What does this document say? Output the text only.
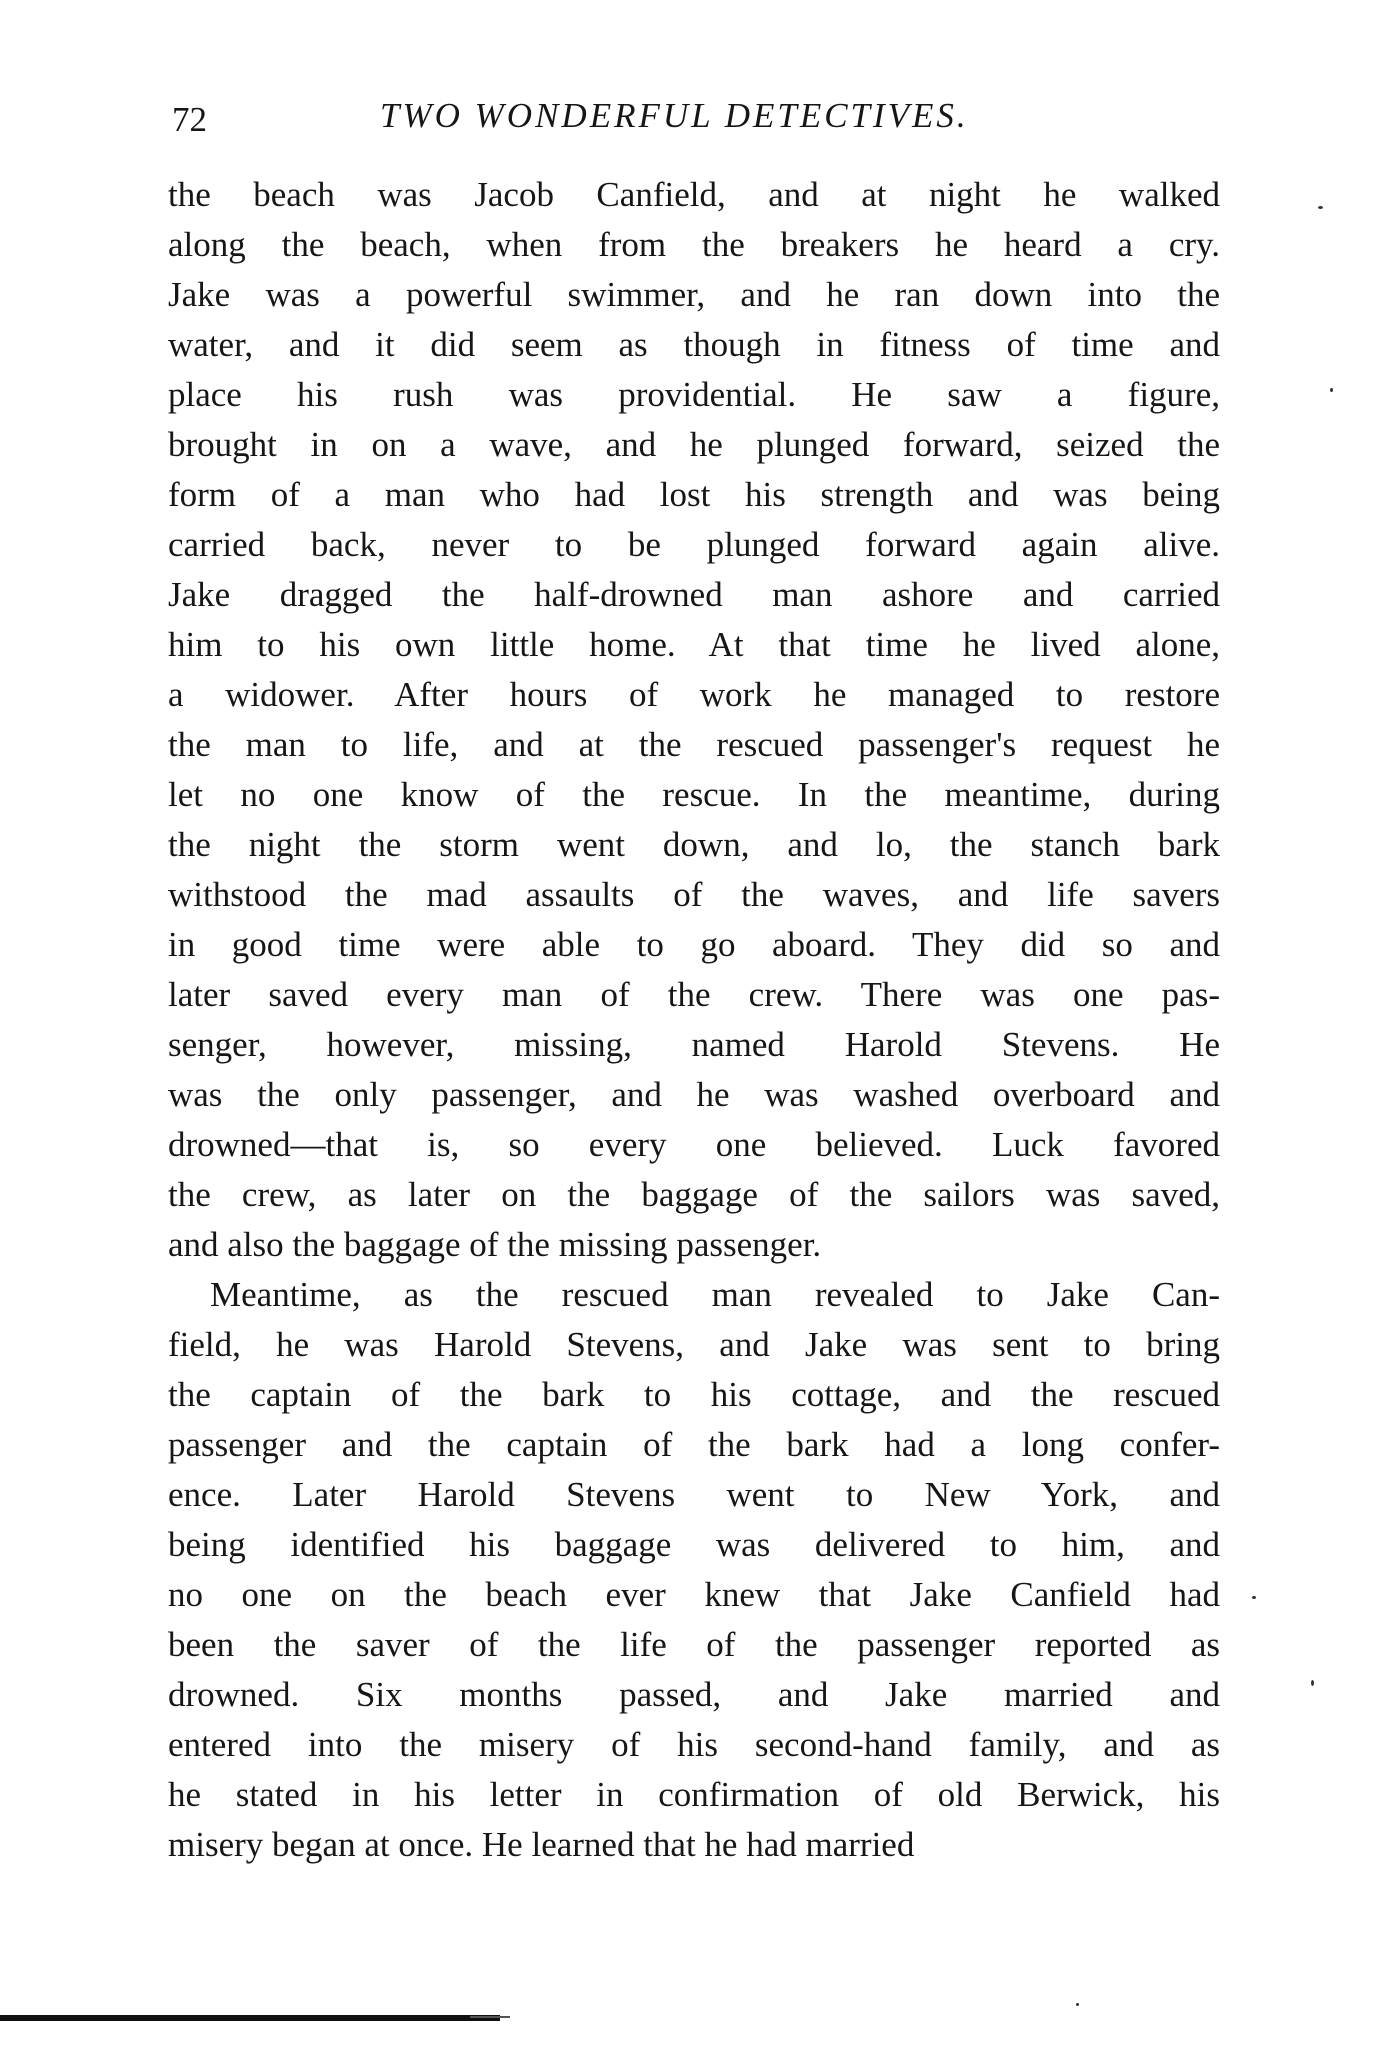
72	TWO WONDERFUL DETECTIVES.
the beach was Jacob Canfield, and at night he walked
along the beach, when from the breakers he heard a cry.
Jake was a powerful swimmer, and he ran down into the
water, and it did seem as though in fitness of time and
place his rush was providential. He saw a figure,
brought in on a wave, and he plunged forward, seized the
form of a man who had lost his strength and was being
carried back, never to be plunged forward again alive.
Jake dragged the half-drowned man ashore and carried
him to his own little home. At that time he lived alone,
a widower. After hours of work he managed to restore
the man to life, and at the rescued passenger's request he
let no one know of the rescue. In the meantime, during
the night the storm went down, and lo, the stanch bark
withstood the mad assaults of the waves, and life savers
in good time were able to go aboard. They did so and
later saved every man of the crew. There was one pas-
senger, however, missing, named Harold Stevens. He
was the only passenger, and he was washed overboard and
drowned—that is, so every one believed. Luck favored
the crew, as later on the baggage of the sailors was saved,
and also the baggage of the missing passenger.
Meantime, as the rescued man revealed to Jake Can-
field, he was Harold Stevens, and Jake was sent to bring
the captain of the bark to his cottage, and the rescued
passenger and the captain of the bark had a long confer-
ence. Later Harold Stevens went to New York, and
being identified his baggage was delivered to him, and
no one on the beach ever knew that Jake Canfield had
been the saver of the life of the passenger reported as
drowned. Six months passed, and Jake married and
entered into the misery of his second-hand family, and as
he stated in his letter in confirmation of old Berwick, his
misery began at once. He learned that he had married
